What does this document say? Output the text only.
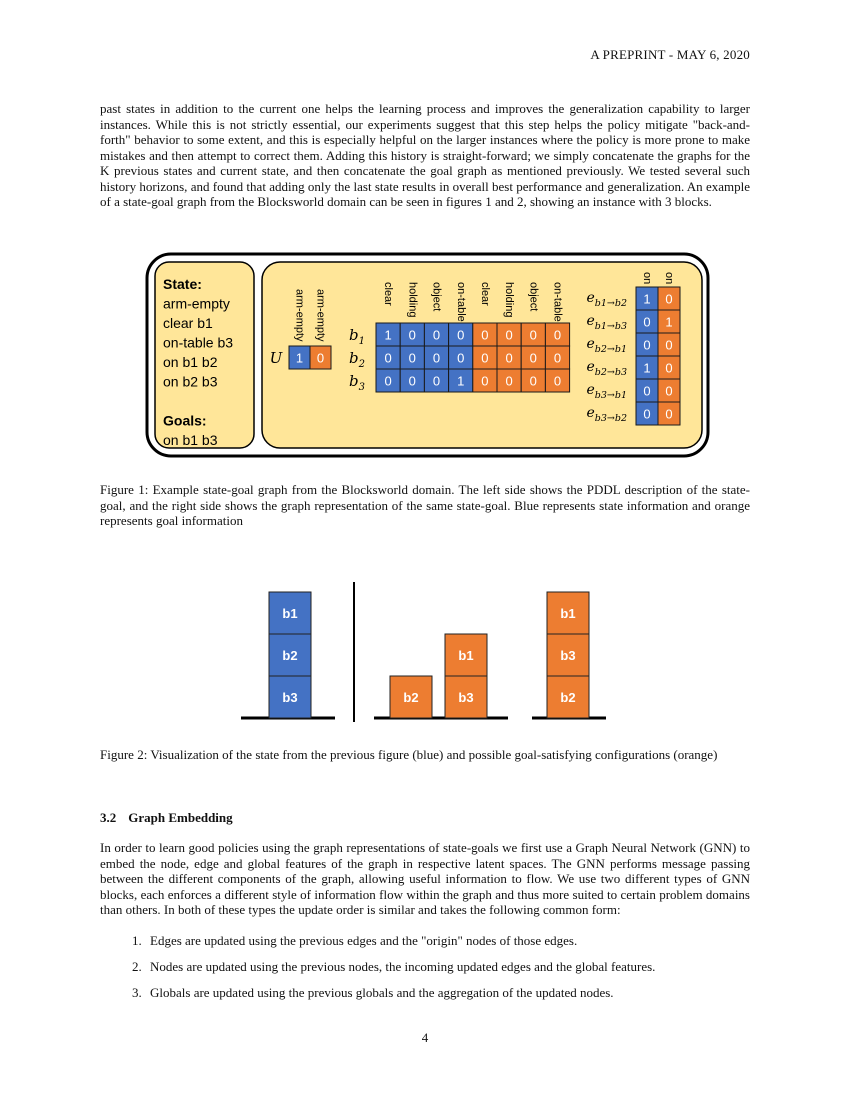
A PREPRINT - MAY 6, 2020

past states in addition to the current one helps the learning process and improves the generalization capability to larger instances. While this is not strictly essential, our experiments suggest that this step helps the policy mitigate "back-and-forth" behavior to some extent, and this is especially helpful on the larger instances where the policy is more prone to make mistakes and then attempt to correct them. Adding this history is straight-forward; we simply concatenate the graphs for the K previous states and current state, and then concatenate the goal graph as mentioned previously. We tested several such history horizons, and found that adding only the last state results in overall best performance and generalization. An example of a state-goal graph from the Blocksworld domain can be seen in figures 1 and 2, showing an instance with 3 blocks.

State:
arm-empty
clear b1
on-table b3
on b1 b2
on b2 b3
Goals:
on b1 b3
arm-empty arm-empty
U 1 0
clear holding object on-table clear holding object on-table
$b_1$
$b_2$
$b_3$
1 0 0 0 0 0 0 0
0 0 0 0 0 0 0 0
0 0 0 1 0 0 0 0
on on
$e_{b1\to b2}$
$e_{b1\to b3}$
$e_{b2\to b1}$
$e_{b2\to b3}$
$e_{b3\to b1}$
$e_{b3\to b2}$
1 0
0 1
0 0
1 0
0 0
0 0

Figure 1: Example state-goal graph from the Blocksworld domain. The left side shows the PDDL description of the state-goal, and the right side shows the graph representation of the same state-goal. Blue represents state information and orange represents goal information

b1
b2
b3	b2
b1
b3
b1
b3
b2

Figure 2: Visualization of the state from the previous figure (blue) and possible goal-satisfying configurations (orange)

3.2 Graph Embedding

In order to learn good policies using the graph representations of state-goals we first use a Graph Neural Network (GNN) to embed the node, edge and global features of the graph in respective latent spaces. The GNN performs message passing between the different components of the graph, allowing useful information to flow. We use two different types of GNN blocks, each enforces a different style of information flow within the graph and thus more suited to certain problem domains than others. In both of these types the update order is similar and takes the following common form:

1. Edges are updated using the previous edges and the "origin" nodes of those edges.
2. Nodes are updated using the previous nodes, the incoming updated edges and the global features.
3. Globals are updated using the previous globals and the aggregation of the updated nodes.
4
